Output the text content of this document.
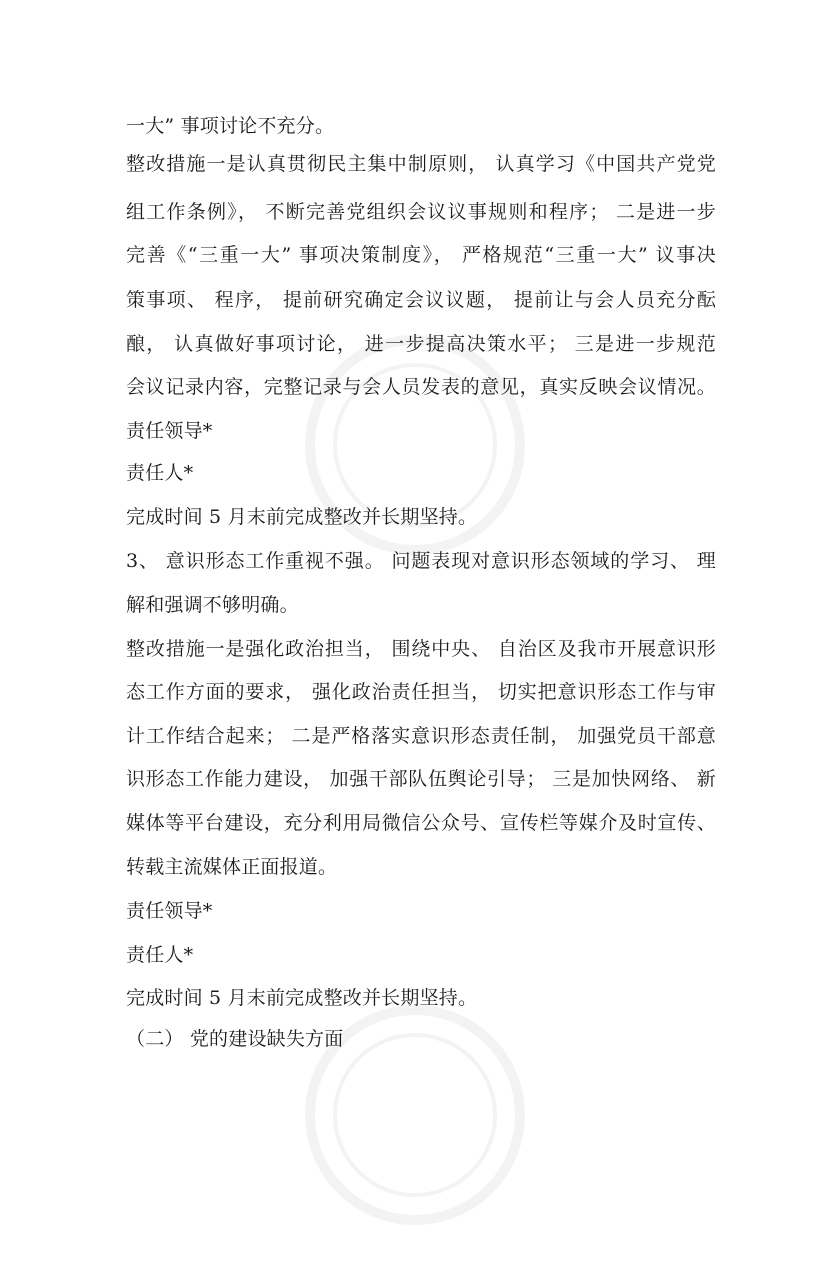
一大” 事项讨论不充分。
整改措施一是认真贯彻民主集中制原则， 认真学习《中国共产党党
组工作条例》， 不断完善党组织会议议事规则和程序； 二是进一步
完善《“三重一大” 事项决策制度》， 严格规范“三重一大” 议事决
策事项、 程序， 提前研究确定会议议题， 提前让与会人员充分酝
酿， 认真做好事项讨论， 进一步提高决策水平； 三是进一步规范
会议记录内容，完整记录与会人员发表的意见，真实反映会议情况。
责任领导*
责任人*
完成时间 5 月末前完成整改并长期坚持。
3、 意识形态工作重视不强。 问题表现对意识形态领域的学习、 理
解和强调不够明确。
整改措施一是强化政治担当， 围绕中央、 自治区及我市开展意识形
态工作方面的要求， 强化政治责任担当， 切实把意识形态工作与审
计工作结合起来； 二是严格落实意识形态责任制， 加强党员干部意
识形态工作能力建设， 加强干部队伍舆论引导； 三是加快网络、 新
媒体等平台建设，充分利用局微信公众号、宣传栏等媒介及时宣传、
转载主流媒体正面报道。
责任领导*
责任人*
完成时间 5 月末前完成整改并长期坚持。
（二） 党的建设缺失方面
